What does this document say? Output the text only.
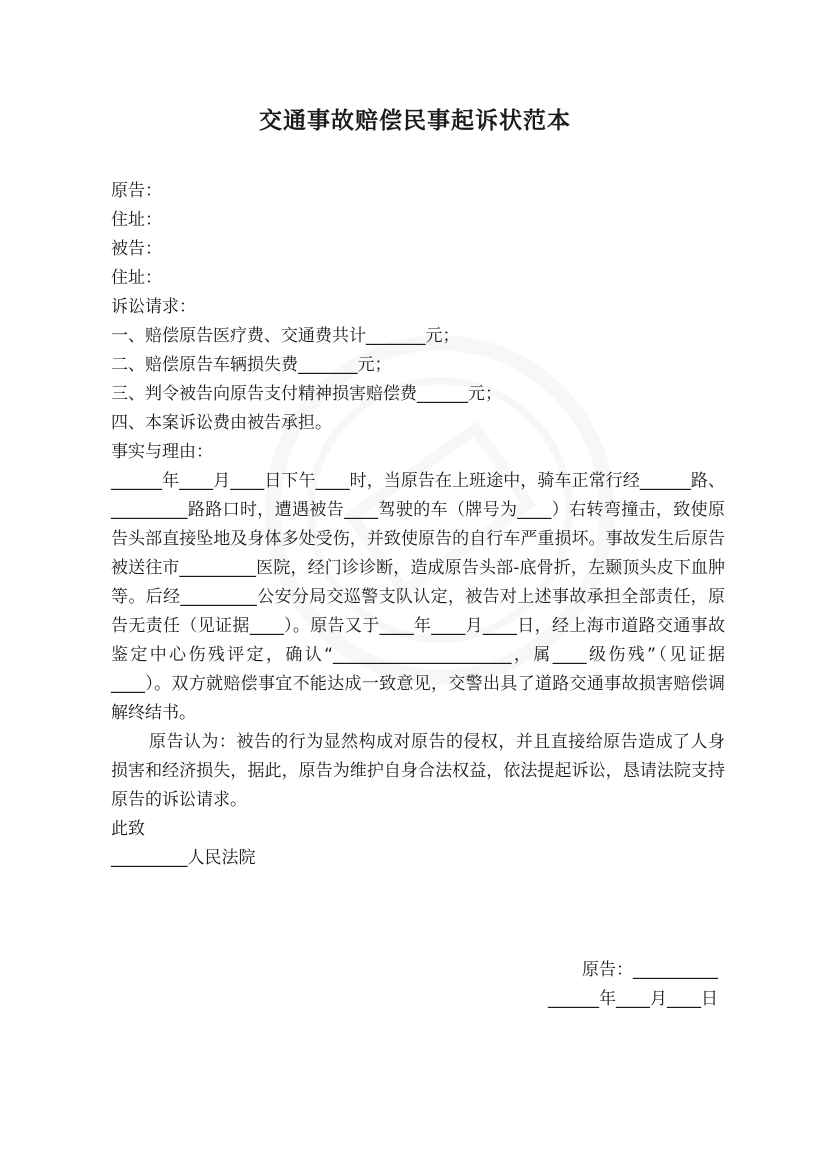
交通事故赔偿民事起诉状范本
原告：
住址：
被告：
住址：
诉讼请求：
一、赔偿原告医疗费、交通费共计_______元；
二、赔偿原告车辆损失费_______元；
三、判令被告向原告支付精神损害赔偿费______元；
四、本案诉讼费由被告承担。
事实与理由：
______年____月____日下午____时，当原告在上班途中，骑车正常行经______路、_________路路口时，遭遇被告____驾驶的车（牌号为____）右转弯撞击，致使原告头部直接坠地及身体多处受伤，并致使原告的自行车严重损坏。事故发生后原告被送往市_________医院，经门诊诊断，造成原告头部-底骨折，左颞顶头皮下血肿等。后经_________公安分局交巡警支队认定，被告对上述事故承担全部责任，原告无责任（见证据____）。原告又于____年____月____日，经上海市道路交通事故鉴定中心伤残评定，确认“_____________________，属____级伤残”（见证据____）。双方就赔偿事宜不能达成一致意见，交警出具了道路交通事故损害赔偿调解终结书。
原告认为：被告的行为显然构成对原告的侵权，并且直接给原告造成了人身损害和经济损失，据此，原告为维护自身合法权益，依法提起诉讼，恳请法院支持原告的诉讼请求。
此致
_________人民法院
原告：__________
______年____月____日
